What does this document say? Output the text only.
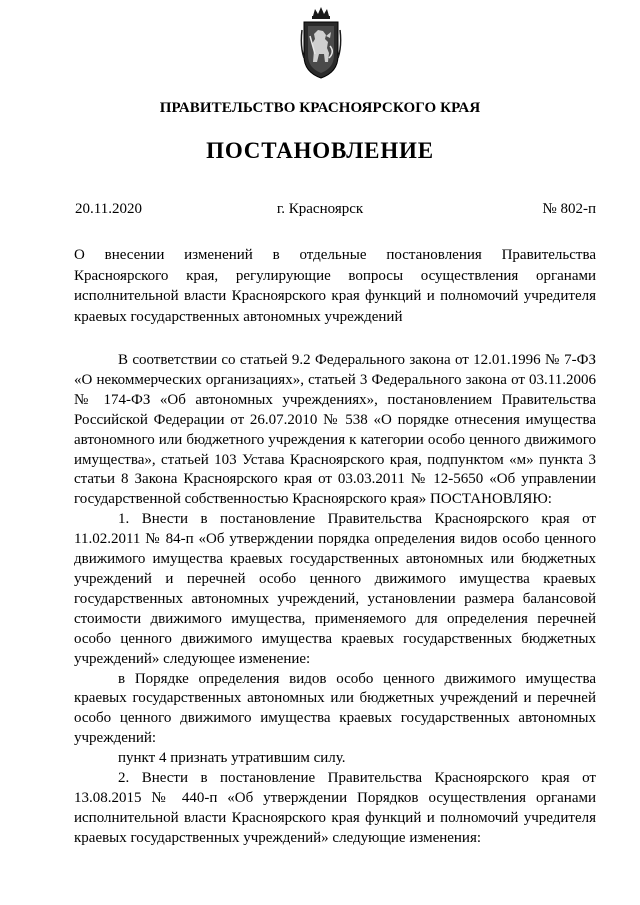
ПРАВИТЕЛЬСТВО КРАСНОЯРСКОГО КРАЯ
ПОСТАНОВЛЕНИЕ
20.11.2020	г. Красноярск	№ 802-п
О внесении изменений в отдельные постановления Правительства Красноярского края, регулирующие вопросы осуществления органами исполнительной власти Красноярского края функций и полномочий учредителя краевых государственных автономных учреждений

В соответствии со статьей 9.2 Федерального закона от 12.01.1996 № 7-ФЗ «О некоммерческих организациях», статьей 3 Федерального закона от 03.11.2006 № 174-ФЗ «Об автономных учреждениях», постановлением Правительства Российской Федерации от 26.07.2010 № 538 «О порядке отнесения имущества автономного или бюджетного учреждения к категории особо ценного движимого имущества», статьей 103 Устава Красноярского края, подпунктом «м» пункта 3 статьи 8 Закона Красноярского края от 03.03.2011 № 12-5650 «Об управлении государственной собственностью Красноярского края» ПОСТАНОВЛЯЮ:

1. Внести в постановление Правительства Красноярского края от 11.02.2011 № 84-п «Об утверждении порядка определения видов особо ценного движимого имущества краевых государственных автономных или бюджетных учреждений и перечней особо ценного движимого имущества краевых государственных автономных учреждений, установлении размера балансовой стоимости движимого имущества, применяемого для определения перечней особо ценного движимого имущества краевых государственных бюджетных учреждений» следующее изменение:

в Порядке определения видов особо ценного движимого имущества краевых государственных автономных или бюджетных учреждений и перечней особо ценного движимого имущества краевых государственных автономных учреждений:

пункт 4 признать утратившим силу.

2. Внести в постановление Правительства Красноярского края от 13.08.2015 № 440-п «Об утверждении Порядков осуществления органами исполнительной власти Красноярского края функций и полномочий учредителя краевых государственных учреждений» следующие изменения:
